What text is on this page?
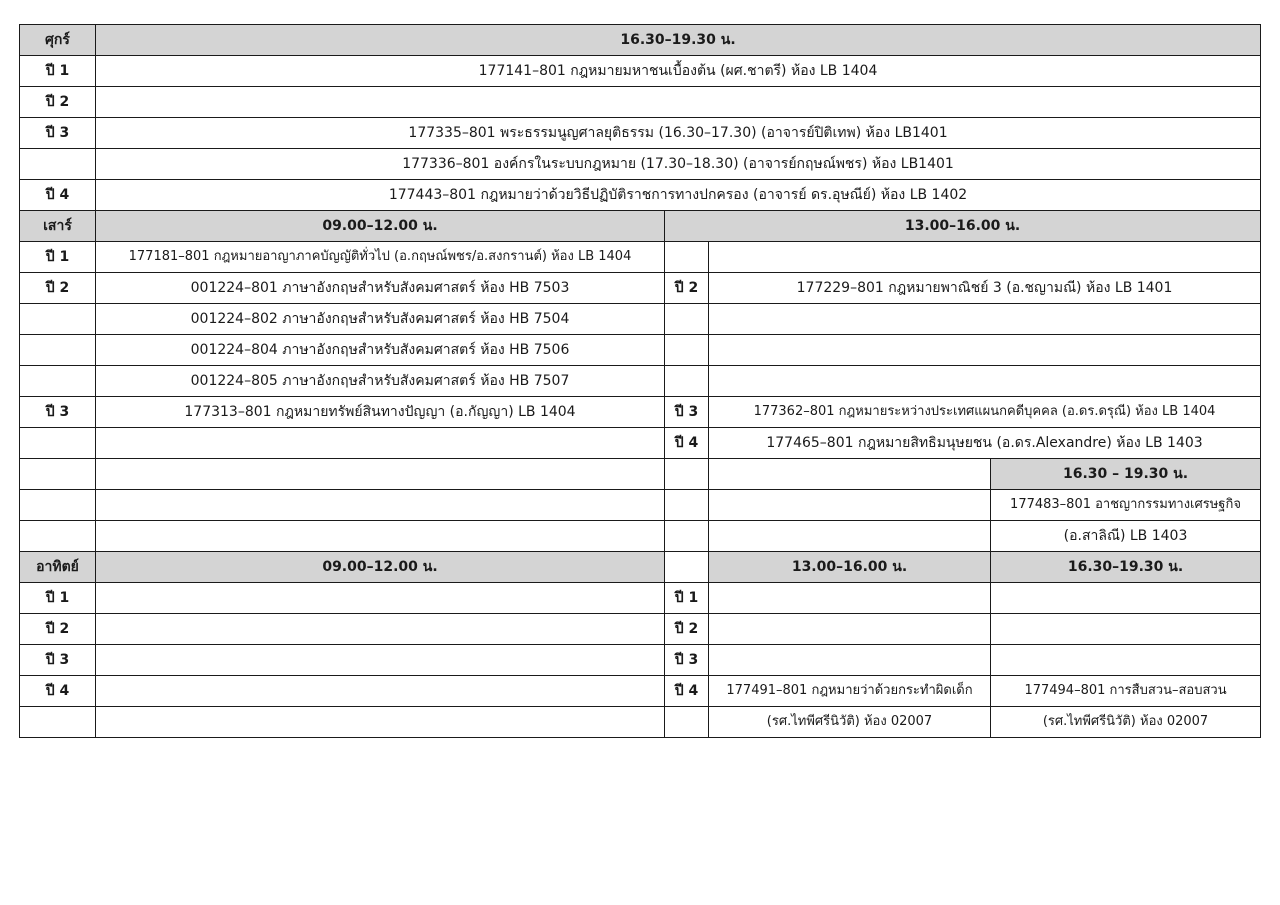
ศุกร์	16.30–19.30 น.			
ปี 1	177141–801 กฎหมายมหาชนเบื้องต้น (ผศ.ชาตรี) ห้อง LB 1404			
ปี 2				
ปี 3	177335–801 พระธรรมนูญศาลยุติธรรม (16.30–17.30) (อาจารย์ปิติเทพ) ห้อง LB1401			
	177336–801 องค์กรในระบบกฎหมาย (17.30–18.30) (อาจารย์กฤษณ์พชร) ห้อง LB1401			
ปี 4	177443–801 กฎหมายว่าด้วยวิธีปฏิบัติราชการทางปกครอง (อาจารย์ ดร.อุษณีย์) ห้อง LB 1402			
เสาร์	09.00–12.00 น.	13.00–16.00 น.		
ปี 1	177181–801 กฎหมายอาญาภาคบัญญัติทั่วไป (อ.กฤษณ์พชร/อ.สงกรานต์) ห้อง LB 1404			
ปี 2	001224–801 ภาษาอังกฤษสำหรับสังคมศาสตร์ ห้อง HB 7503	ปี 2	177229–801 กฎหมายพาณิชย์ 3 (อ.ชญามณี) ห้อง LB 1401	
	001224–802 ภาษาอังกฤษสำหรับสังคมศาสตร์ ห้อง HB 7504			
	001224–804 ภาษาอังกฤษสำหรับสังคมศาสตร์ ห้อง HB 7506			
	001224–805 ภาษาอังกฤษสำหรับสังคมศาสตร์ ห้อง HB 7507			
ปี 3	177313–801 กฎหมายทรัพย์สินทางปัญญา (อ.กัญญา) LB 1404	ปี 3	177362–801 กฎหมายระหว่างประเทศแผนกคดีบุคคล (อ.ดร.ดรุณี) ห้อง LB 1404	
		ปี 4	177465–801 กฎหมายสิทธิมนุษยชน (อ.ดร.Alexandre) ห้อง LB 1403	
				16.30 – 19.30 น.
				177483–801 อาชญากรรมทางเศรษฐกิจ
				(อ.สาลิณี) LB 1403
อาทิตย์	09.00–12.00 น.		13.00–16.00 น.	16.30–19.30 น.
ปี 1		ปี 1		
ปี 2		ปี 2		
ปี 3		ปี 3		
ปี 4		ปี 4	177491–801 กฎหมายว่าด้วยกระทำผิดเด็ก	177494–801 การสืบสวน–สอบสวน
			(รศ.ไทพีศรีนิวัติ) ห้อง 02007	(รศ.ไทพีศรีนิวัติ) ห้อง 02007
